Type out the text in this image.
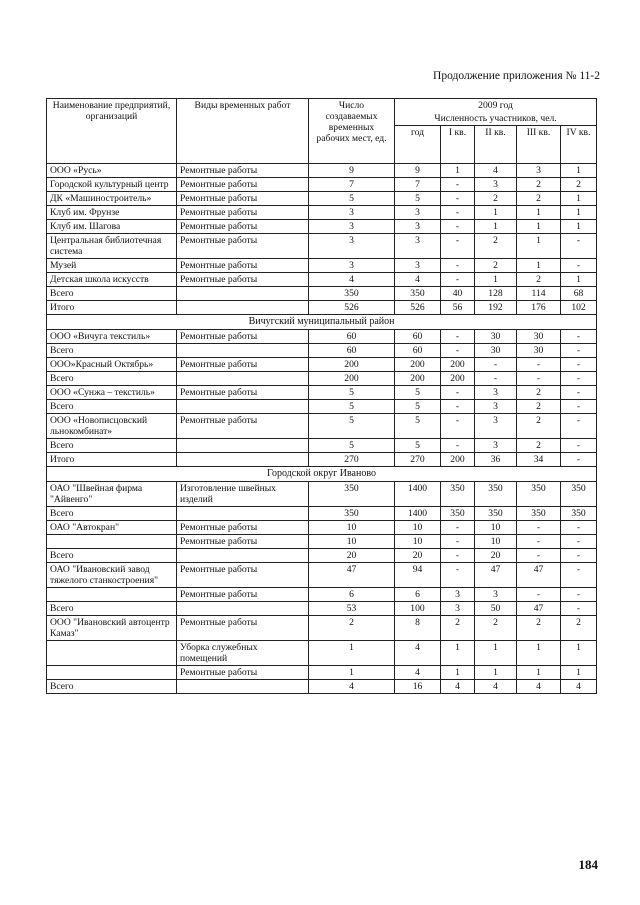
Продолжение приложения № 11-2
Наименование предприятий, организаций	Виды временных работ	Число создаваемых временных рабочих мест, ед.	2009 год				
			Численность участников, чел.				
			год	I кв.	II кв.	III кв.	IV кв.
ООО «Русь»	Ремонтные работы	9	9	1	4	3	1
Городской культурный центр	Ремонтные работы	7	7	-	3	2	2
ДК «Машиностроитель»	Ремонтные работы	5	5	-	2	2	1
Клуб им. Фрунзе	Ремонтные работы	3	3	-	1	1	1
Клуб им. Шагова	Ремонтные работы	3	3	-	1	1	1
Центральная библиотечная система	Ремонтные работы	3	3	-	2	1	-
Музей	Ремонтные работы	3	3	-	2	1	-
Детская школа искусств	Ремонтные работы	4	4	-	1	2	1
Всего		350	350	40	128	114	68
Итого		526	526	56	192	176	102
Вичугский муниципальный район							
ООО «Вичуга текстиль»	Ремонтные работы	60	60	-	30	30	-
Всего		60	60	-	30	30	-
ООО»Красный Октябрь»	Ремонтные работы	200	200	200	-	-	-
Всего		200	200	200	-	-	-
ООО «Сунжа – текстиль»	Ремонтные работы	5	5	-	3	2	-
Всего		5	5	-	3	2	-
ООО «Новописцовский льнокомбинат»	Ремонтные работы	5	5	-	3	2	-
Всего		5	5	-	3	2	-
Итого		270	270	200	36	34	-
Городской округ Иваново							
ОАО "Швейная фирма "Айвенго"	Изготовление швейных изделий	350	1400	350	350	350	350
Всего		350	1400	350	350	350	350
ОАО "Автокран"	Ремонтные работы	10	10	-	10	-	-
	Ремонтные работы	10	10	-	10	-	-
Всего		20	20	-	20	-	-
ОАО "Ивановский завод тяжелого станкостроения"	Ремонтные работы	47	94	-	47	47	-
	Ремонтные работы	6	6	3	3	-	-
Всего		53	100	3	50	47	-
ООО "Ивановский автоцентр Камаз"	Ремонтные работы	2	8	2	2	2	2
	Уборка служебных помещений	1	4	1	1	1	1
	Ремонтные работы	1	4	1	1	1	1
Всего		4	16	4	4	4	4
184
